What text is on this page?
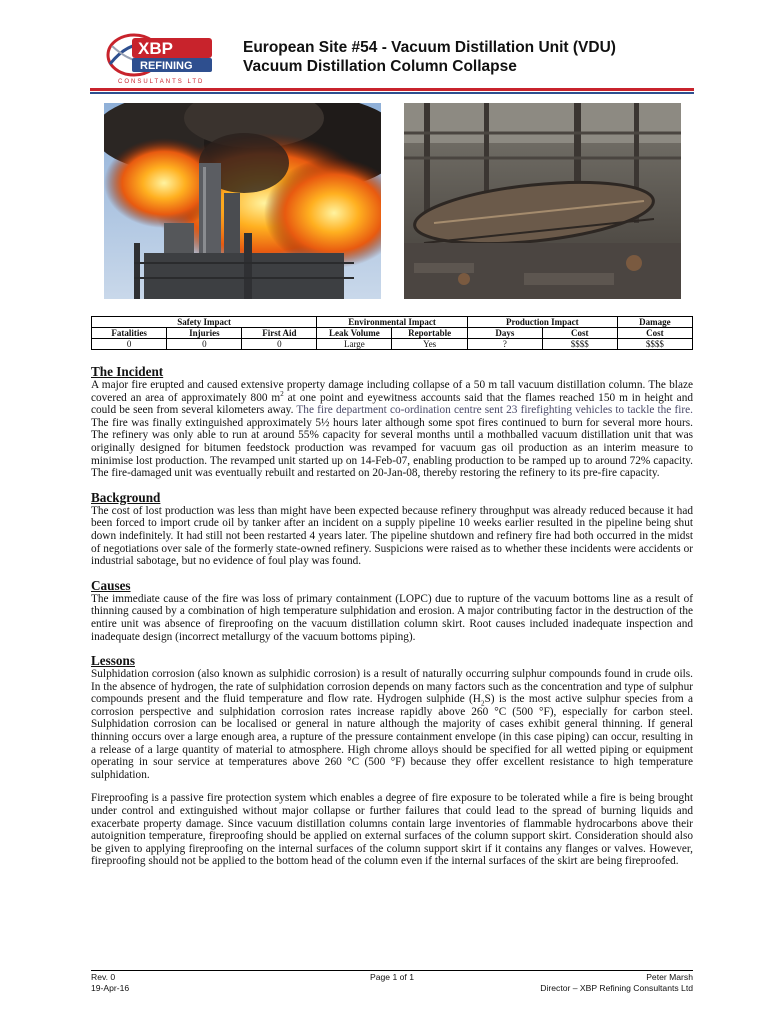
XBP
REFINING
CONSULTANTS LTD
European Site #54 - Vacuum Distillation Unit (VDU)
Vacuum Distillation Column Collapse
Safety Impact			Environmental Impact		Production Impact		Damage
Fatalities	Injuries	First Aid	Leak Volume	Reportable	Days	Cost	Cost
0	0	0	Large	Yes	?	$$$$	$$$$
The Incident

A major fire erupted and caused extensive property damage including collapse of a 50 m tall vacuum distillation column. The blaze covered an area of approximately 800 $m^2$ at one point and eyewitness accounts said that the flames reached 150 m in height and could be seen from several kilometers away. The fire department co-ordination centre sent 23 firefighting vehicles to tackle the fire. The fire was finally extinguished approximately 5½ hours later although some spot fires continued to burn for several more hours. The refinery was only able to run at around 55% capacity for several months until a mothballed vacuum distillation unit that was originally designed for bitumen feedstock production was revamped for vacuum gas oil production as an interim measure to minimise lost production. The revamped unit started up on 14-Feb-07, enabling production to be ramped up to around 72% capacity. The fire-damaged unit was eventually rebuilt and restarted on 20-Jan-08, thereby restoring the refinery to its pre-fire capacity.

Background

The cost of lost production was less than might have been expected because refinery throughput was already reduced because it had been forced to import crude oil by tanker after an incident on a supply pipeline 10 weeks earlier resulted in the pipeline being shut down indefinitely. It had still not been restarted 4 years later. The pipeline shutdown and refinery fire had both occurred in the midst of negotiations over sale of the formerly state-owned refinery. Suspicions were raised as to whether these incidents were accidents or industrial sabotage, but no evidence of foul play was found.

Causes

The immediate cause of the fire was loss of primary containment (LOPC) due to rupture of the vacuum bottoms line as a result of thinning caused by a combination of high temperature sulphidation and erosion. A major contributing factor in the destruction of the entire unit was absence of fireproofing on the vacuum distillation column skirt. Root causes included inadequate inspection and inadequate design (incorrect metallurgy of the vacuum bottoms piping).

Lessons

Sulphidation corrosion (also known as sulphidic corrosion) is a result of naturally occurring sulphur compounds found in crude oils. In the absence of hydrogen, the rate of sulphidation corrosion depends on many factors such as the concentration and type of sulphur compounds present and the fluid temperature and flow rate. Hydrogen sulphide $(H_2S)$ is the most active sulphur species from a corrosion perspective and sulphidation corrosion rates increase rapidly above 260 °C (500 °F), especially for carbon steel. Sulphidation corrosion can be localised or general in nature although the majority of cases exhibit general thinning. If general thinning occurs over a large enough area, a rupture of the pressure containment envelope (in this case piping) can occur, resulting in a release of a large quantity of material to atmosphere. High chrome alloys should be specified for all wetted piping or equipment operating in sour service at temperatures above 260 °C (500 °F) because they offer excellent resistance to high temperature sulphidation.

Fireproofing is a passive fire protection system which enables a degree of fire exposure to be tolerated while a fire is being brought under control and extinguished without major collapse or further failures that could lead to the spread of burning liquids and exacerbate property damage. Since vacuum distillation columns contain large inventories of flammable hydrocarbons above their autoignition temperature, fireproofing should be applied on external surfaces of the column support skirt. Consideration should also be given to applying fireproofing on the internal surfaces of the column support skirt if it contains any flanges or valves. However, fireproofing should not be applied to the bottom head of the column even if the internal surfaces of the skirt are being fireproofed.

Rev. 0
19-Apr-16
Page 1 of 1	Peter Marsh
Director – XBP Refining Consultants Ltd
